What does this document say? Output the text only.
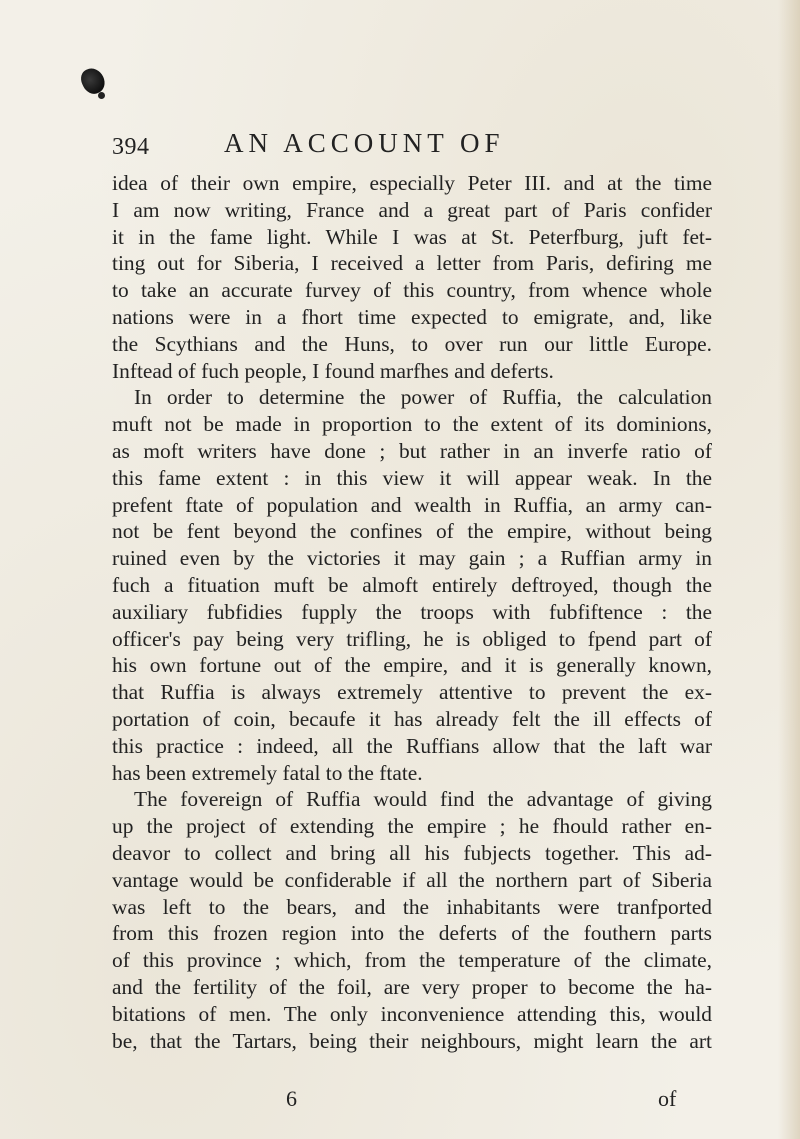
394	AN ACCOUNT OF
idea of their own empire, especially Peter III. and at the time
I am now writing, France and a great part of Paris confider
it in the fame light. While I was at St. Peterfburg, juft fet-
ting out for Siberia, I received a letter from Paris, defiring me
to take an accurate furvey of this country, from whence whole
nations were in a fhort time expected to emigrate, and, like
the Scythians and the Huns, to over run our little Europe.
Inftead of fuch people, I found marfhes and deferts.
In order to determine the power of Ruffia, the calculation
muft not be made in proportion to the extent of its dominions,
as moft writers have done ; but rather in an inverfe ratio of
this fame extent : in this view it will appear weak. In the
prefent ftate of population and wealth in Ruffia, an army can-
not be fent beyond the confines of the empire, without being
ruined even by the victories it may gain ; a Ruffian army in
fuch a fituation muft be almoft entirely deftroyed, though the
auxiliary fubfidies fupply the troops with fubfiftence : the
officer's pay being very trifling, he is obliged to fpend part of
his own fortune out of the empire, and it is generally known,
that Ruffia is always extremely attentive to prevent the ex-
portation of coin, becaufe it has already felt the ill effects of
this practice : indeed, all the Ruffians allow that the laft war
has been extremely fatal to the ftate.
The fovereign of Ruffia would find the advantage of giving
up the project of extending the empire ; he fhould rather en-
deavor to collect and bring all his fubjects together. This ad-
vantage would be confiderable if all the northern part of Siberia
was left to the bears, and the inhabitants were tranfported
from this frozen region into the deferts of the fouthern parts
of this province ; which, from the temperature of the climate,
and the fertility of the foil, are very proper to become the ha-
bitations of men. The only inconvenience attending this, would
be, that the Tartars, being their neighbours, might learn the art
6	of
